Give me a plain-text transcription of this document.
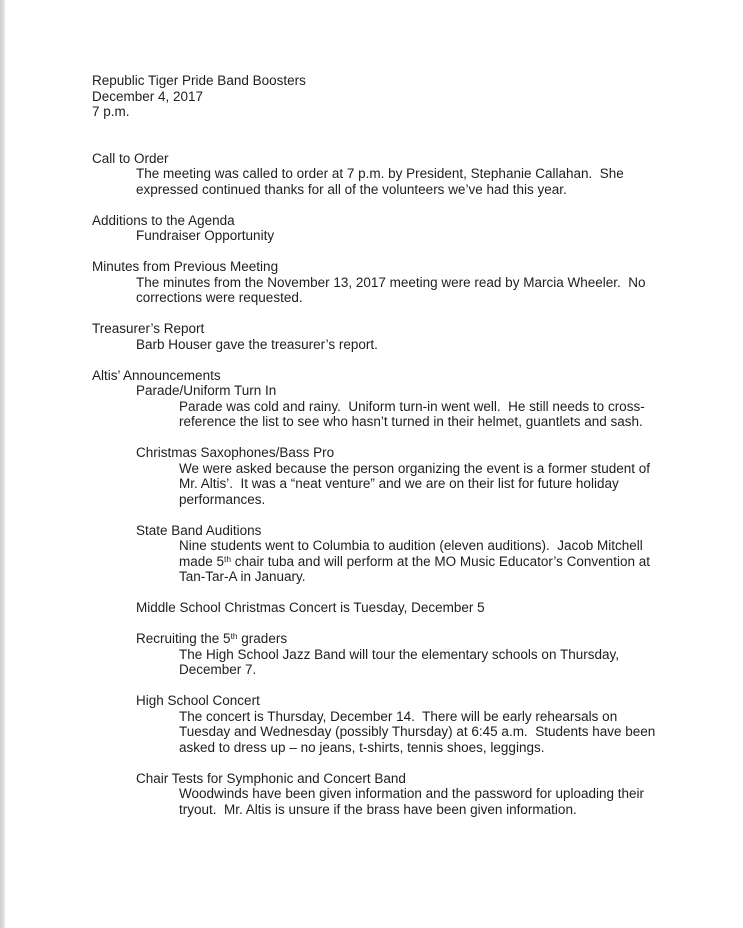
Republic Tiger Pride Band Boosters
December 4, 2017
7 p.m.
Call to Order
The meeting was called to order at 7 p.m. by President, Stephanie Callahan.  She
expressed continued thanks for all of the volunteers we’ve had this year.
Additions to the Agenda
Fundraiser Opportunity
Minutes from Previous Meeting
The minutes from the November 13, 2017 meeting were read by Marcia Wheeler.  No
corrections were requested.
Treasurer’s Report
Barb Houser gave the treasurer’s report.
Altis’ Announcements
Parade/Uniform Turn In
Parade was cold and rainy.  Uniform turn-in went well.  He still needs to cross-
reference the list to see who hasn’t turned in their helmet, guantlets and sash.
Christmas Saxophones/Bass Pro
We were asked because the person organizing the event is a former student of
Mr. Altis’.  It was a “neat venture” and we are on their list for future holiday
performances.
State Band Auditions
Nine students went to Columbia to audition (eleven auditions).  Jacob Mitchell
made 5th chair tuba and will perform at the MO Music Educator’s Convention at
Tan-Tar-A in January.
Middle School Christmas Concert is Tuesday, December 5
Recruiting the 5th graders
The High School Jazz Band will tour the elementary schools on Thursday,
December 7.
High School Concert
The concert is Thursday, December 14.  There will be early rehearsals on
Tuesday and Wednesday (possibly Thursday) at 6:45 a.m.  Students have been
asked to dress up – no jeans, t-shirts, tennis shoes, leggings.
Chair Tests for Symphonic and Concert Band
Woodwinds have been given information and the password for uploading their
tryout.  Mr. Altis is unsure if the brass have been given information.
